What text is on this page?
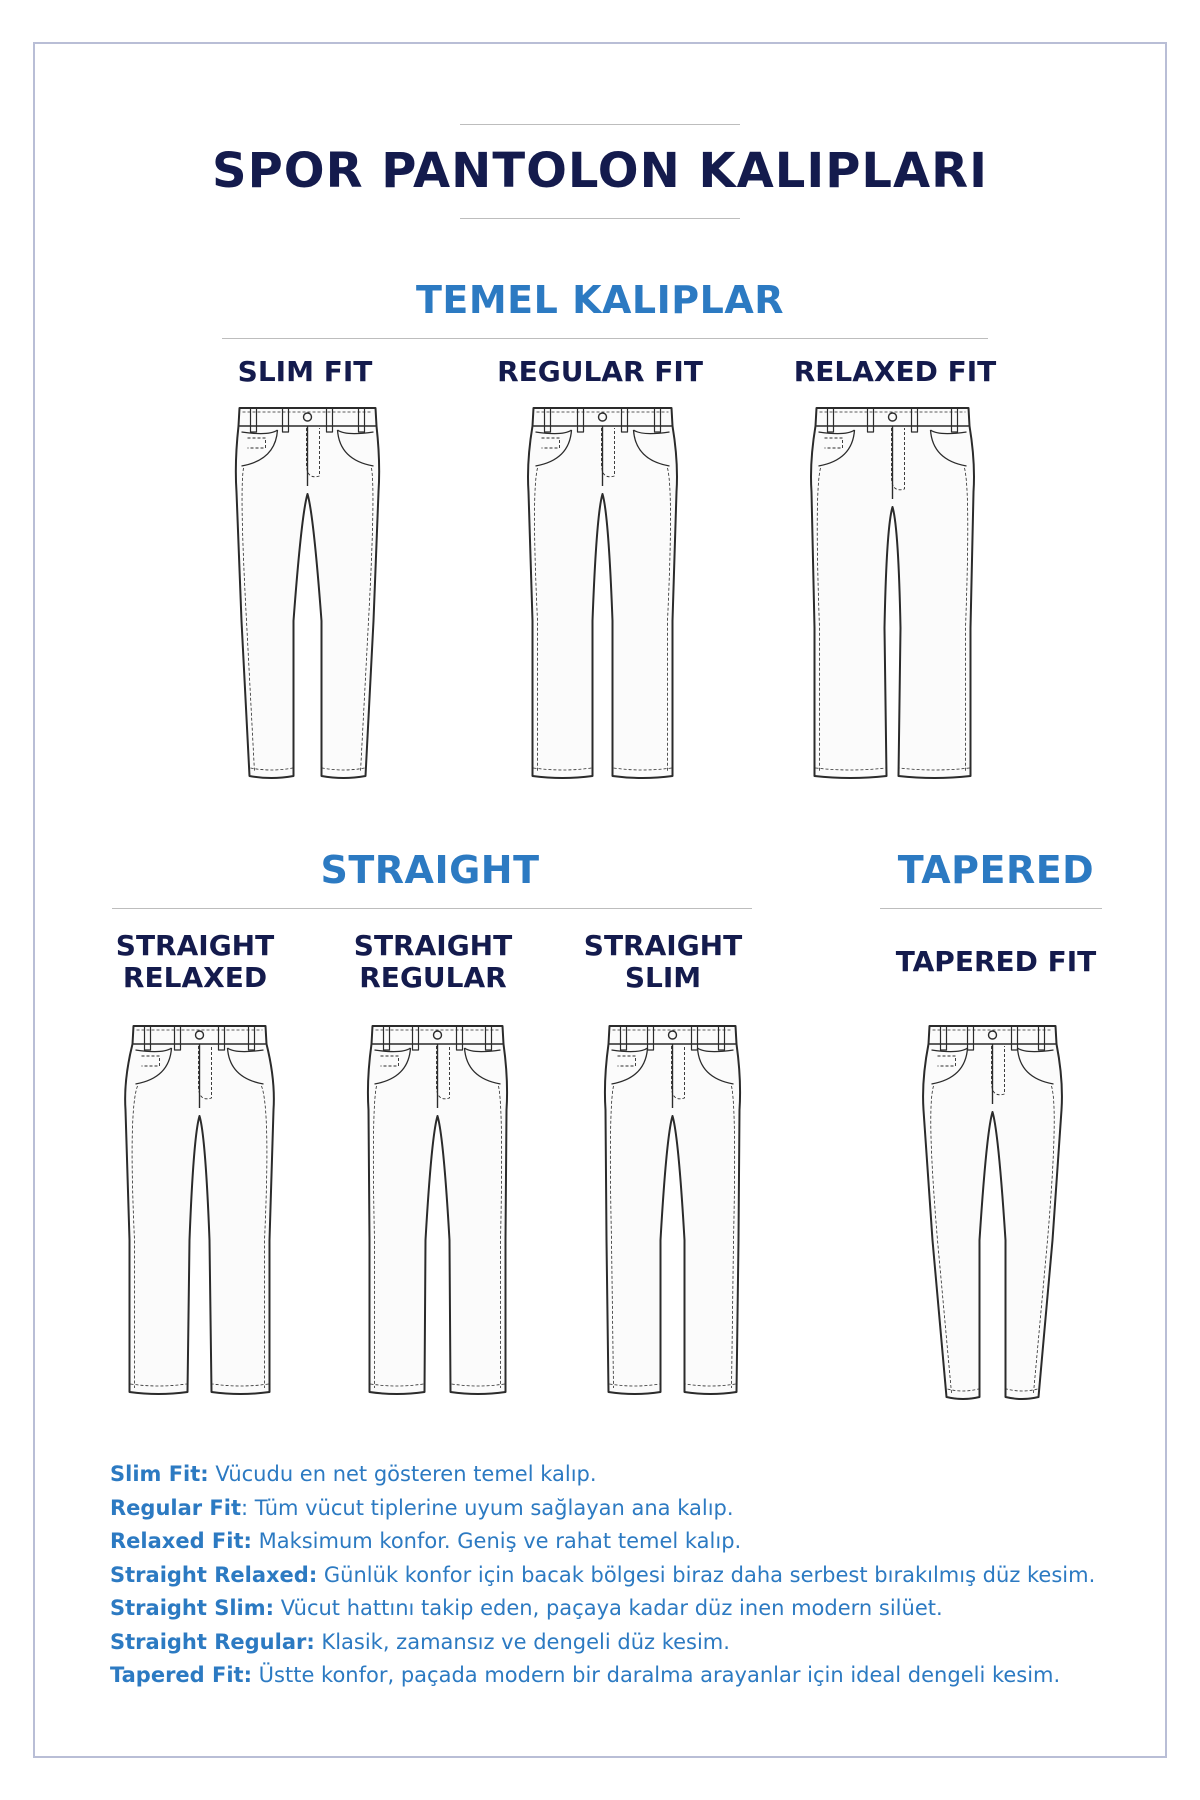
SPOR PANTOLON KALIPLARI
TEMEL KALIPLAR
SLIM FIT	REGULAR FIT	RELAXED FIT
STRAIGHT
STRAIGHT
RELAXED
STRAIGHT
REGULAR
STRAIGHT
SLIM
TAPERED
TAPERED FIT
Slim Fit: Vücudu en net gösteren temel kalıp.
Regular Fit: Tüm vücut tiplerine uyum sağlayan ana kalıp.
Relaxed Fit: Maksimum konfor. Geniş ve rahat temel kalıp.
Straight Relaxed: Günlük konfor için bacak bölgesi biraz daha serbest bırakılmış düz kesim.
Straight Slim: Vücut hattını takip eden, paçaya kadar düz inen modern silüet.
Straight Regular: Klasik, zamansız ve dengeli düz kesim.
Tapered Fit: Üstte konfor, paçada modern bir daralma arayanlar için ideal dengeli kesim.
